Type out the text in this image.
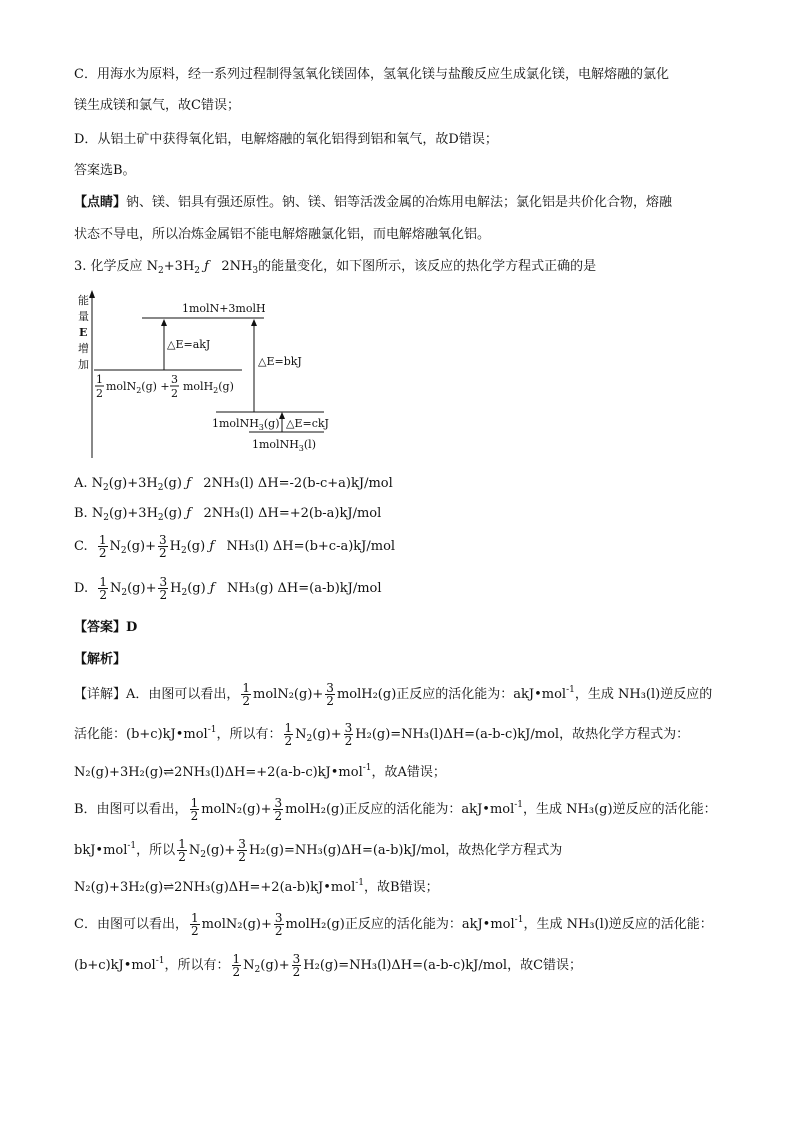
C．用海水为原料，经一系列过程制得氢氧化镁固体，氢氧化镁与盐酸反应生成氯化镁，电解熔融的氯化
镁生成镁和氯气，故C错误；
D．从铝土矿中获得氧化铝，电解熔融的氧化铝得到铝和氧气，故D错误；
答案选B。
【点睛】钠、镁、铝具有强还原性。钠、镁、铝等活泼金属的冶炼用电解法；氯化铝是共价化合物，熔融
状态不导电，所以冶炼金属铝不能电解熔融氯化铝，而电解熔融氧化铝。
3. 化学反应 $N_2+3H_2$ ƒ $2NH_3$的能量变化，如下图所示，该反应的热化学方程式正确的是
能
量
E
增
加
1molN+3molH
1
2
molN$_2$(g) +
3
2
molH$_2$(g)
△E=akJ
△E=bkJ
1molNH$_3$(g) △E=ckJ
1molNH$_3$(l)
A. $N_2(g)+3H_2(g)$ ƒ 2NH₃(l) ΔH=-2(b-c+a)kJ/mol
B. $N_2(g)+3H_2(g)$ ƒ 2NH₃(l) ΔH=+2(b-a)kJ/mol
C. $\frac{1}{2} N_2(g)+ \frac{3}{2} H_2(g)$ ƒ NH₃(l) ΔH=(b+c-a)kJ/mol
D. $\frac{1}{2} N_2(g)+ \frac{3}{2} H_2(g)$ ƒ NH₃(g) ΔH=(a-b)kJ/mol
【答案】D
【解析】
【详解】A．由图可以看出， $\frac{1}{2}$ molN₂(g)+ $\frac{3}{2}$ molH₂(g)正反应的活化能为：akJ•mol$^{-1}$，生成 NH₃(l)逆反应的
活化能：(b+c)kJ•mol$^{-1}$，所以有： $\frac{1}{2} N_2(g)+ \frac{3}{2} H_2(g)=NH_3(l)\Delta H=(a-b-c)kJ/mol$，故热化学方程式为：
N₂(g)+3H₂(g)⇌2NH₃(l)ΔH=+2(a-b-c)kJ•mol$^{-1}$，故A错误；
B．由图可以看出， $\frac{1}{2}$ molN₂(g)+ $\frac{3}{2}$ molH₂(g)正反应的活化能为：akJ•mol$^{-1}$，生成 NH₃(g)逆反应的活化能：
bkJ•mol$^{-1}$，所以 $\frac{1}{2} N_2(g)+ \frac{3}{2} H_2(g)=NH_3(g)\Delta H=(a-b)kJ/mol$，故热化学方程式为
N₂(g)+3H₂(g)⇌2NH₃(g)ΔH=+2(a-b)kJ•mol$^{-1}$，故B错误；
C．由图可以看出， $\frac{1}{2}$ molN₂(g)+ $\frac{3}{2}$ molH₂(g)正反应的活化能为：akJ•mol$^{-1}$，生成 NH₃(l)逆反应的活化能：
(b+c)kJ•mol$^{-1}$，所以有： $\frac{1}{2} N_2(g)+ \frac{3}{2} H_2(g)=NH_3(l)\Delta H=(a-b-c)kJ/mol$，故C错误；
